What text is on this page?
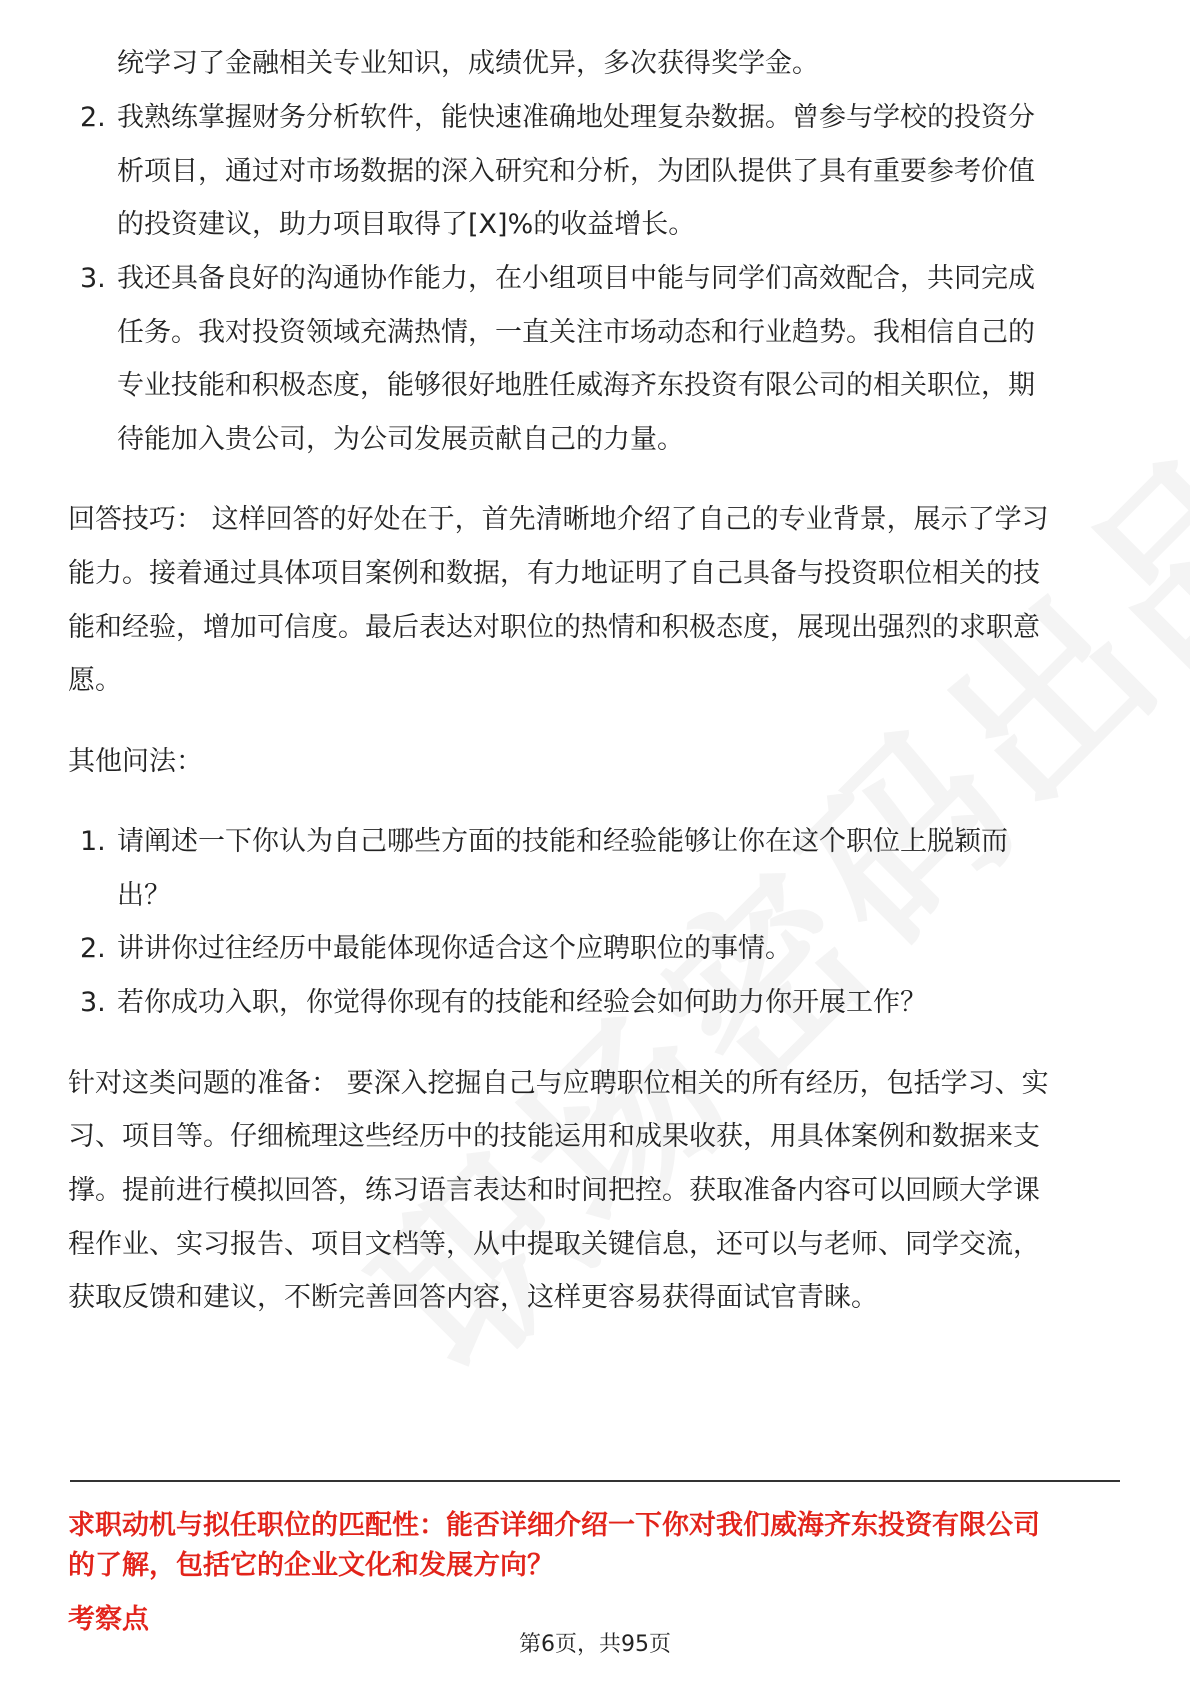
统学习了金融相关专业知识，成绩优异，多次获得奖学金。
2. 我熟练掌握财务分析软件，能快速准确地处理复杂数据。曾参与学校的投资分
析项目，通过对市场数据的深入研究和分析，为团队提供了具有重要参考价值
的投资建议，助力项目取得了[X]%的收益增长。
3. 我还具备良好的沟通协作能力，在小组项目中能与同学们高效配合，共同完成
任务。我对投资领域充满热情，一直关注市场动态和行业趋势。我相信自己的
专业技能和积极态度，能够很好地胜任威海齐东投资有限公司的相关职位，期
待能加入贵公司，为公司发展贡献自己的力量。
回答技巧： 这样回答的好处在于，首先清晰地介绍了自己的专业背景，展示了学习
能力。接着通过具体项目案例和数据，有力地证明了自己具备与投资职位相关的技
能和经验，增加可信度。最后表达对职位的热情和积极态度，展现出强烈的求职意
愿。
其他问法：
1. 请阐述一下你认为自己哪些方面的技能和经验能够让你在这个职位上脱颖而
出？
2. 讲讲你过往经历中最能体现你适合这个应聘职位的事情。
3. 若你成功入职，你觉得你现有的技能和经验会如何助力你开展工作？
针对这类问题的准备： 要深入挖掘自己与应聘职位相关的所有经历，包括学习、实
习、项目等。仔细梳理这些经历中的技能运用和成果收获，用具体案例和数据来支
撑。提前进行模拟回答，练习语言表达和时间把控。获取准备内容可以回顾大学课
程作业、实习报告、项目文档等，从中提取关键信息，还可以与老师、同学交流，
获取反馈和建议，不断完善回答内容，这样更容易获得面试官青睐。
求职动机与拟任职位的匹配性：能否详细介绍一下你对我们威海齐东投资有限公司
的了解，包括它的企业文化和发展方向？
考察点
第6页，共95页
